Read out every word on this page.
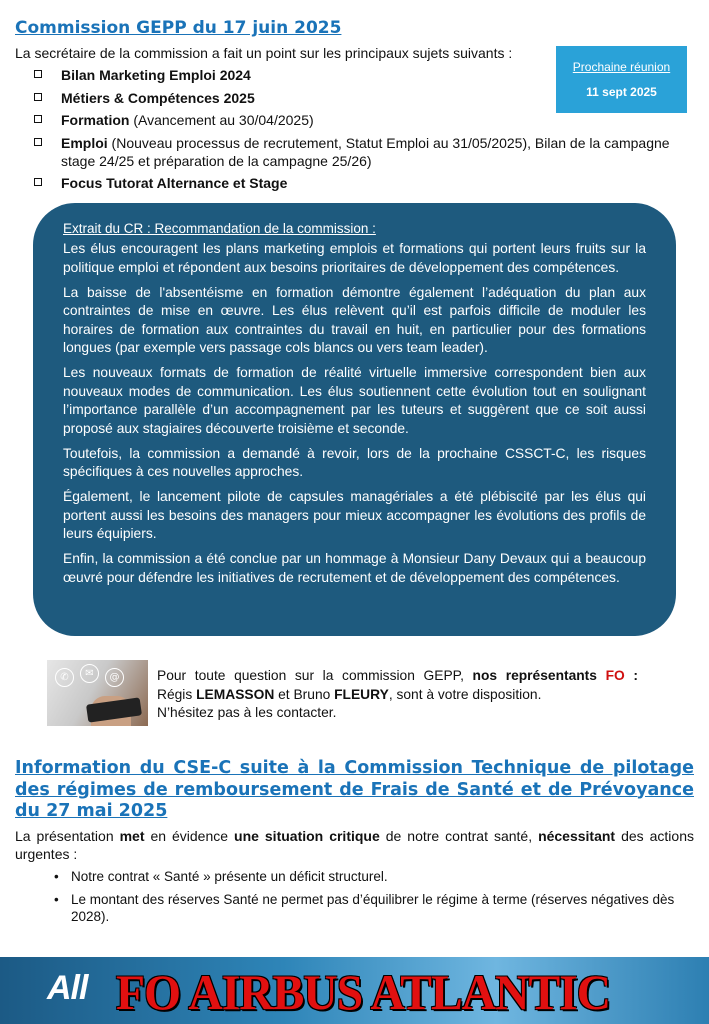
Commission GEPP du 17 juin 2025

La secrétaire de la commission a fait un point sur les principaux sujets suivants :

Bilan Marketing Emploi 2024
Métiers & Compétences 2025
Formation (Avancement au 30/04/2025)
Emploi (Nouveau processus de recrutement, Statut Emploi au 31/05/2025), Bilan de la campagne stage 24/25 et préparation de la campagne 25/26)
Focus Tutorat Alternance et Stage
Prochaine réunion
11 sept 2025
Extrait du CR : Recommandation de la commission :

Les élus encouragent les plans marketing emplois et formations qui portent leurs fruits sur la politique emploi et répondent aux besoins prioritaires de développement des compétences.

La baisse de l'absentéisme en formation démontre également l’adéquation du plan aux contraintes de mise en œuvre. Les élus relèvent qu’il est parfois difficile de moduler les horaires de formation aux contraintes du travail en huit, en particulier pour des formations longues (par exemple vers passage cols blancs ou vers team leader).

Les nouveaux formats de formation de réalité virtuelle immersive correspondent bien aux nouveaux modes de communication. Les élus soutiennent cette évolution tout en soulignant l’importance parallèle d’un accompagnement par les tuteurs et suggèrent que ce soit aussi proposé aux stagiaires découverte troisième et seconde.

Toutefois, la commission a demandé à revoir, lors de la prochaine CSSCT-C, les risques spécifiques à ces nouvelles approches.

Également, le lancement pilote de capsules managériales a été plébiscité par les élus qui portent aussi les besoins des managers pour mieux accompagner les évolutions des profils de leurs équipiers.

Enfin, la commission a été conclue par un hommage à Monsieur Dany Devaux qui a beaucoup œuvré pour défendre les initiatives de recrutement et de développement des compétences.

✆	✉	@	Pour toute question sur la commission GEPP, nos représentants FO :
Régis LEMASSON et Bruno FLEURY, sont à votre disposition.
N’hésitez pas à les contacter.

Information du CSE-C suite à la Commission Technique de pilotage des régimes de remboursement de Frais de Santé et de Prévoyance du 27 mai 2025

La présentation met en évidence une situation critique de notre contrat santé, nécessitant des actions urgentes :

• Notre contrat « Santé » présente un déficit structurel.
• Le montant des réserves Santé ne permet pas d’équilibrer le régime à terme (réserves négatives dès 2028).
All FO AIRBUS ATLANTIC
